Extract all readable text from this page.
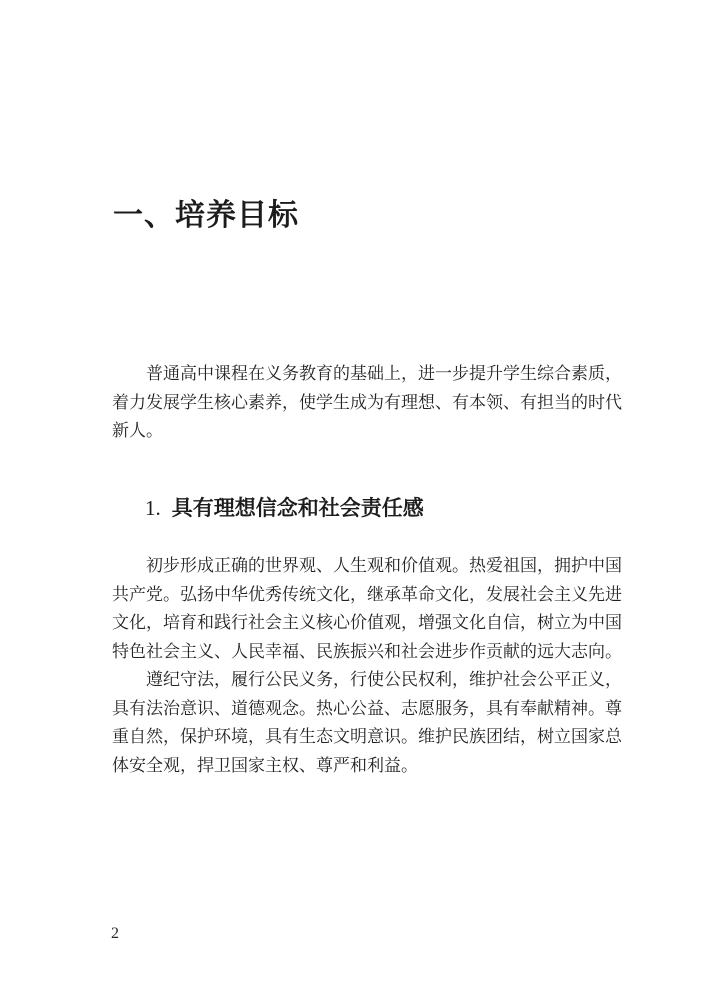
一、培养目标

普通高中课程在义务教育的基础上，进一步提升学生综合素质，着力发展学生核心素养，使学生成为有理想、有本领、有担当的时代新人。

1. 具有理想信念和社会责任感

初步形成正确的世界观、人生观和价值观。热爱祖国，拥护中国共产党。弘扬中华优秀传统文化，继承革命文化，发展社会主义先进文化，培育和践行社会主义核心价值观，增强文化自信，树立为中国特色社会主义、人民幸福、民族振兴和社会进步作贡献的远大志向。

遵纪守法，履行公民义务，行使公民权利，维护社会公平正义，具有法治意识、道德观念。热心公益、志愿服务，具有奉献精神。尊重自然，保护环境，具有生态文明意识。维护民族团结，树立国家总体安全观，捍卫国家主权、尊严和利益。

2
